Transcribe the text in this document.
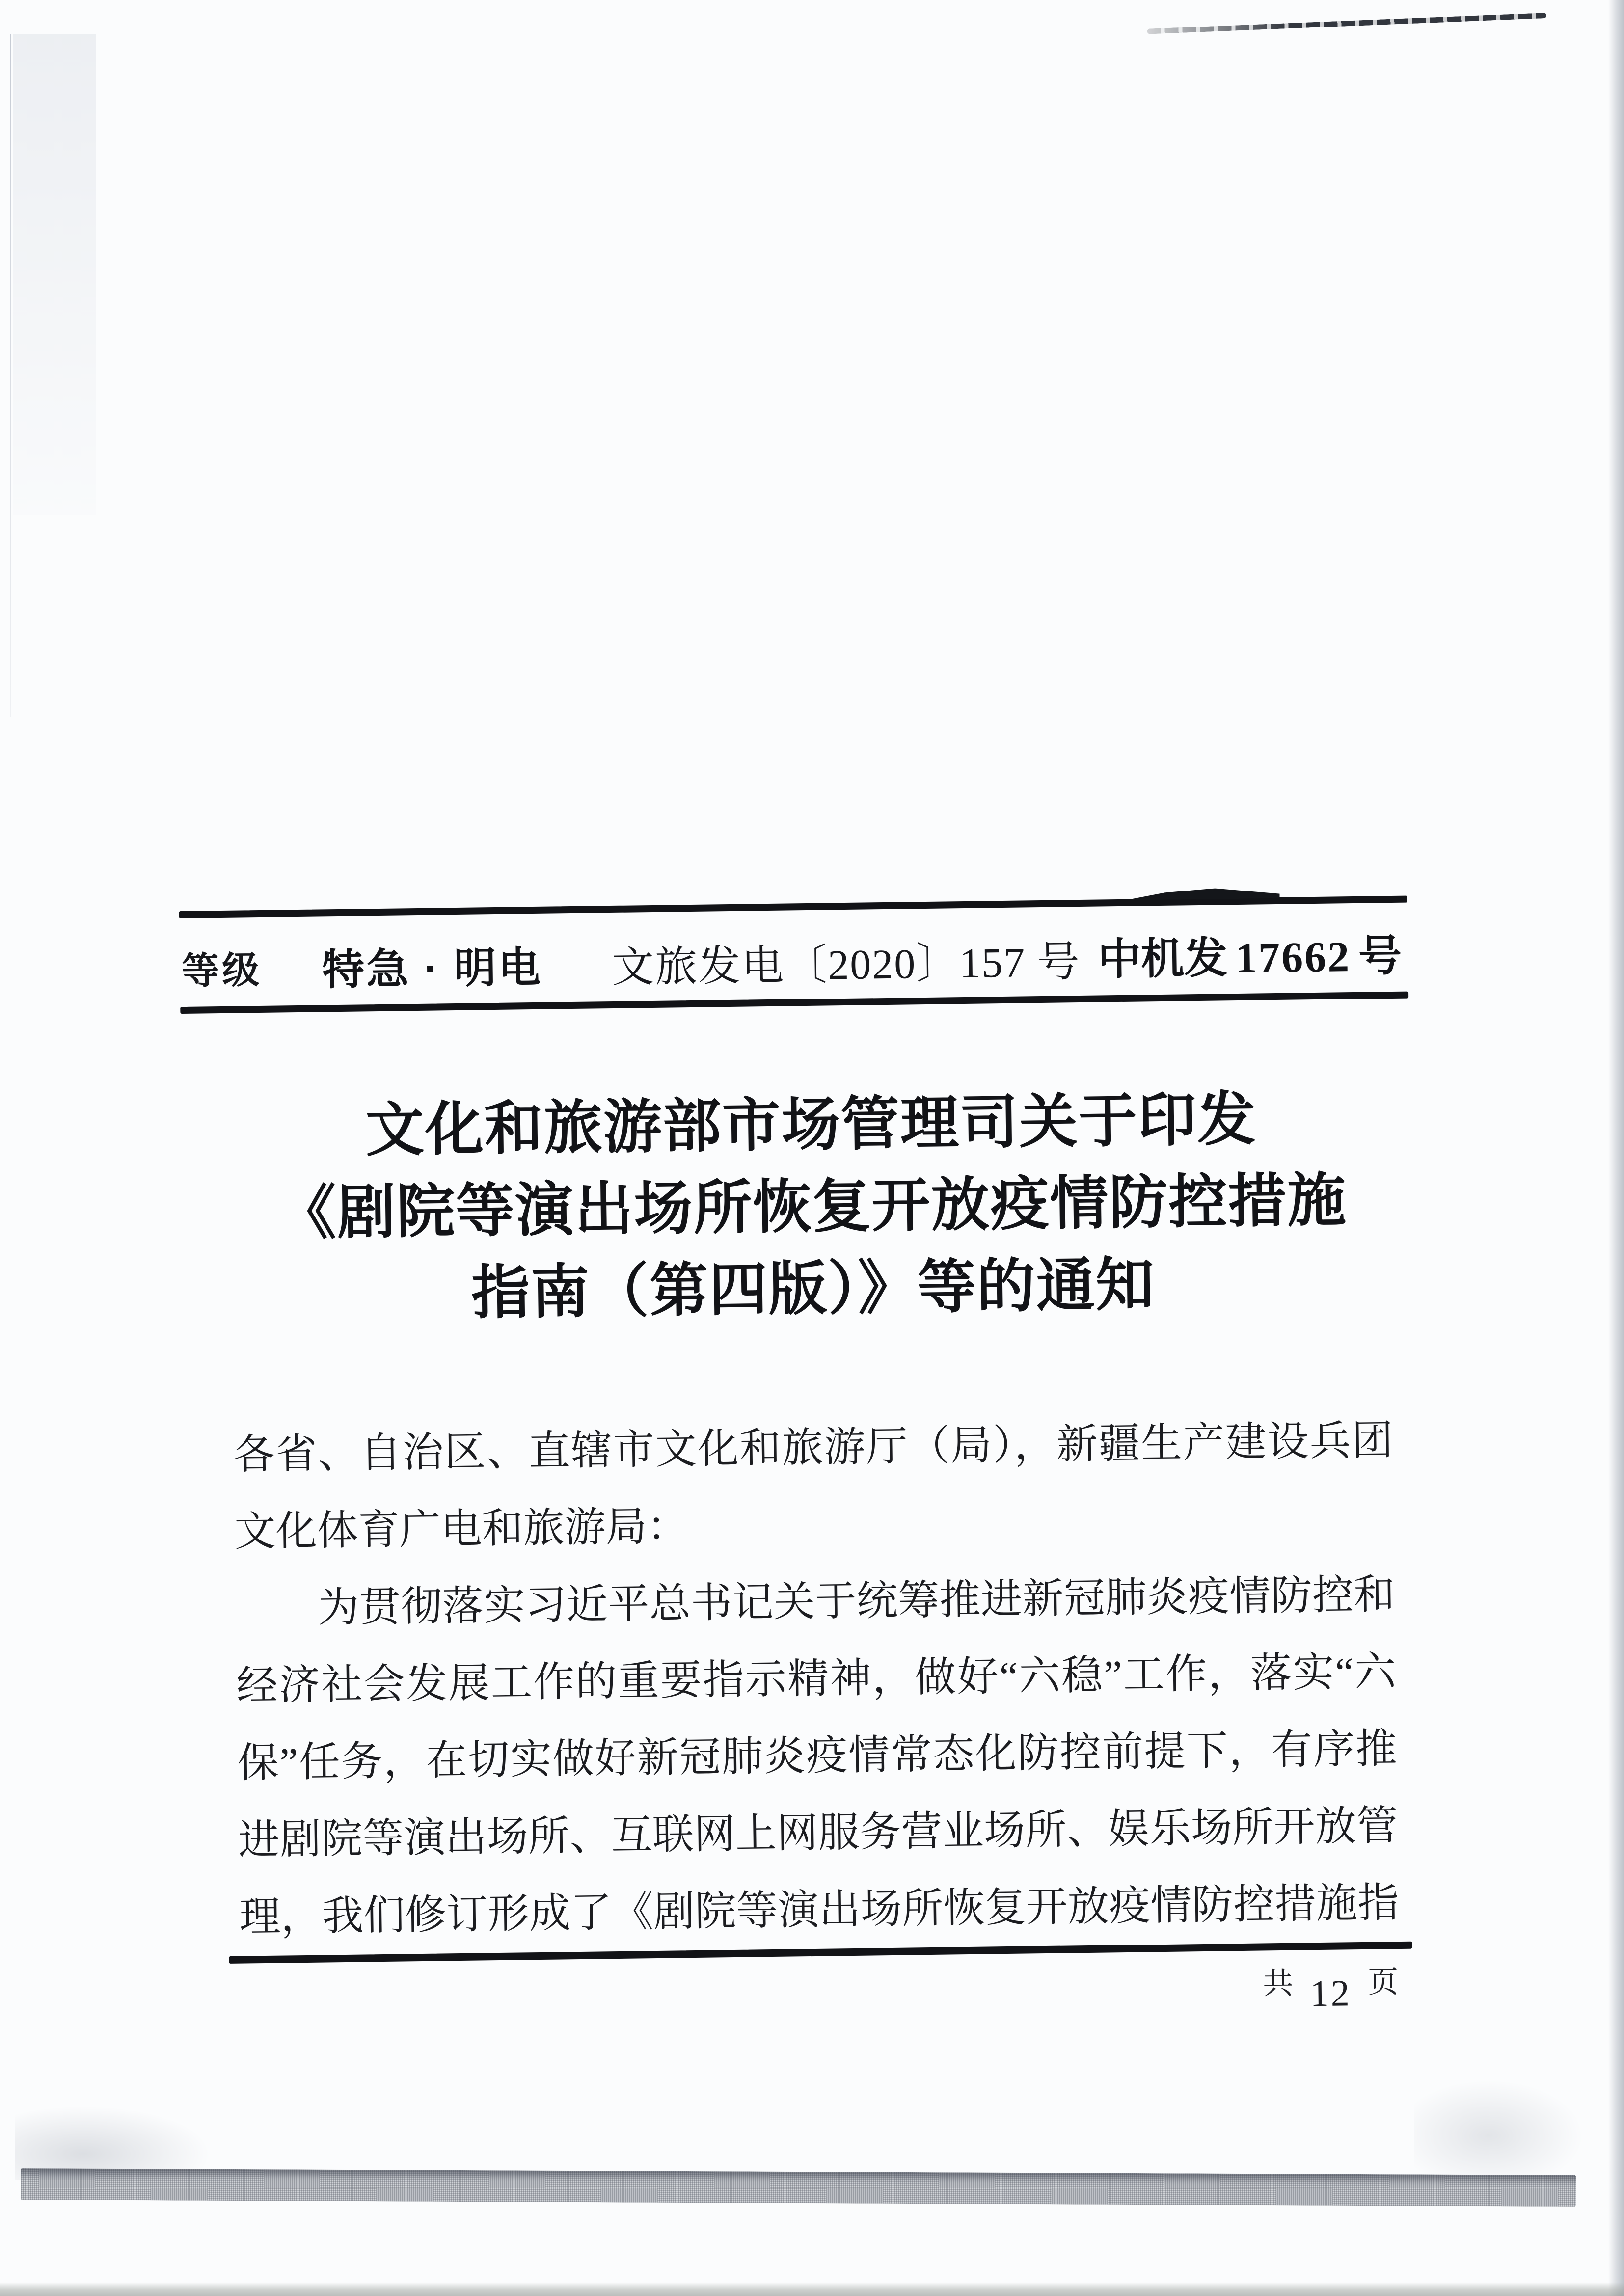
等级 特急 · 明电 文旅发电〔2020〕157 号 中机发 17662 号
文化和旅游部市场管理司关于印发
《剧院等演出场所恢复开放疫情防控措施
指南（第四版）》等的通知
各省、自治区、直辖市文化和旅游厅（局），新疆生产建设兵团
文化体育广电和旅游局：
为贯彻落实习近平总书记关于统筹推进新冠肺炎疫情防控和
经济社会发展工作的重要指示精神，做好“六稳”工作，落实“六
保”任务，在切实做好新冠肺炎疫情常态化防控前提下，有序推
进剧院等演出场所、互联网上网服务营业场所、娱乐场所开放管
理，我们修订形成了《剧院等演出场所恢复开放疫情防控措施指
共 12 页
